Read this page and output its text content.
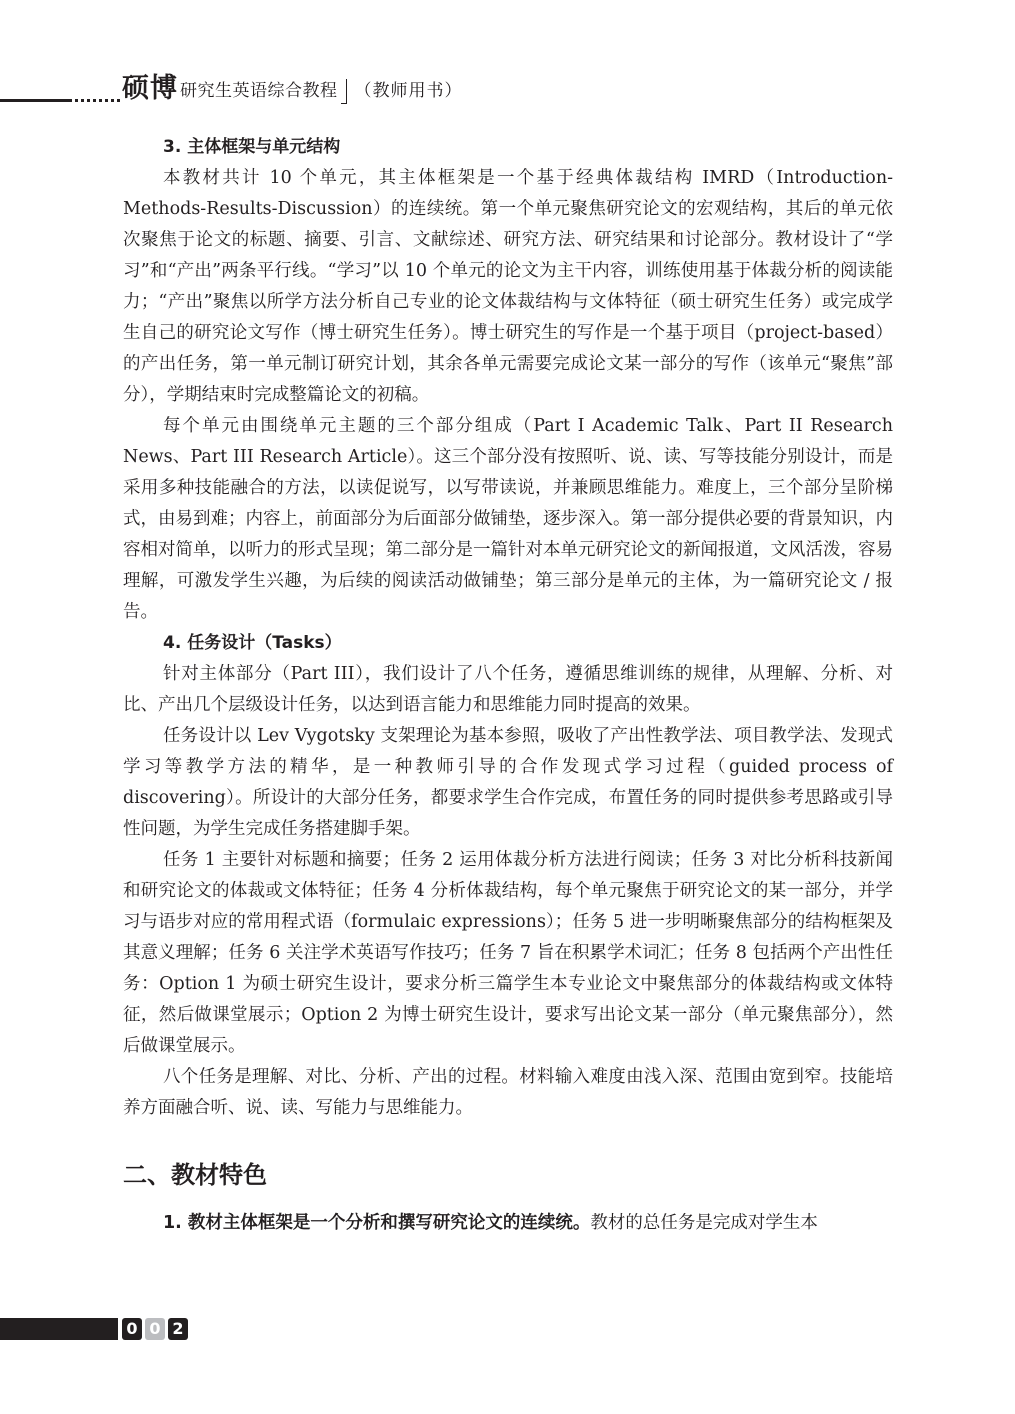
硕博 研究生英语综合教程 （教师用书）
3. 主体框架与单元结构

本教材共计 10 个单元，其主体框架是一个基于经典体裁结构 IMRD（Introduction-Methods-Results-Discussion）的连续统。第一个单元聚焦研究论文的宏观结构，其后的单元依次聚焦于论文的标题、摘要、引言、文献综述、研究方法、研究结果和讨论部分。教材设计了“学习”和“产出”两条平行线。“学习”以 10 个单元的论文为主干内容，训练使用基于体裁分析的阅读能力；“产出”聚焦以所学方法分析自己专业的论文体裁结构与文体特征（硕士研究生任务）或完成学生自己的研究论文写作（博士研究生任务）。博士研究生的写作是一个基于项目（project-based）的产出任务，第一单元制订研究计划，其余各单元需要完成论文某一部分的写作（该单元“聚焦”部分），学期结束时完成整篇论文的初稿。

每个单元由围绕单元主题的三个部分组成（Part I Academic Talk、Part II Research News、Part III Research Article）。这三个部分没有按照听、说、读、写等技能分别设计，而是采用多种技能融合的方法，以读促说写，以写带读说，并兼顾思维能力。难度上，三个部分呈阶梯式，由易到难；内容上，前面部分为后面部分做铺垫，逐步深入。第一部分提供必要的背景知识，内容相对简单，以听力的形式呈现；第二部分是一篇针对本单元研究论文的新闻报道，文风活泼，容易理解，可激发学生兴趣，为后续的阅读活动做铺垫；第三部分是单元的主体，为一篇研究论文 / 报告。

4. 任务设计（Tasks）

针对主体部分（Part III），我们设计了八个任务，遵循思维训练的规律，从理解、分析、对比、产出几个层级设计任务，以达到语言能力和思维能力同时提高的效果。

任务设计以 Lev Vygotsky 支架理论为基本参照，吸收了产出性教学法、项目教学法、发现式学习等教学方法的精华，是一种教师引导的合作发现式学习过程（guided process of discovering）。所设计的大部分任务，都要求学生合作完成，布置任务的同时提供参考思路或引导性问题，为学生完成任务搭建脚手架。

任务 1 主要针对标题和摘要；任务 2 运用体裁分析方法进行阅读；任务 3 对比分析科技新闻和研究论文的体裁或文体特征；任务 4 分析体裁结构，每个单元聚焦于研究论文的某一部分，并学习与语步对应的常用程式语（formulaic expressions）；任务 5 进一步明晰聚焦部分的结构框架及其意义理解；任务 6 关注学术英语写作技巧；任务 7 旨在积累学术词汇；任务 8 包括两个产出性任务：Option 1 为硕士研究生设计，要求分析三篇学生本专业论文中聚焦部分的体裁结构或文体特征，然后做课堂展示；Option 2 为博士研究生设计，要求写出论文某一部分（单元聚焦部分），然后做课堂展示。

八个任务是理解、对比、分析、产出的过程。材料输入难度由浅入深、范围由宽到窄。技能培养方面融合听、说、读、写能力与思维能力。

二、教材特色

1. 教材主体框架是一个分析和撰写研究论文的连续统。教材的总任务是完成对学生本

0 0 2
